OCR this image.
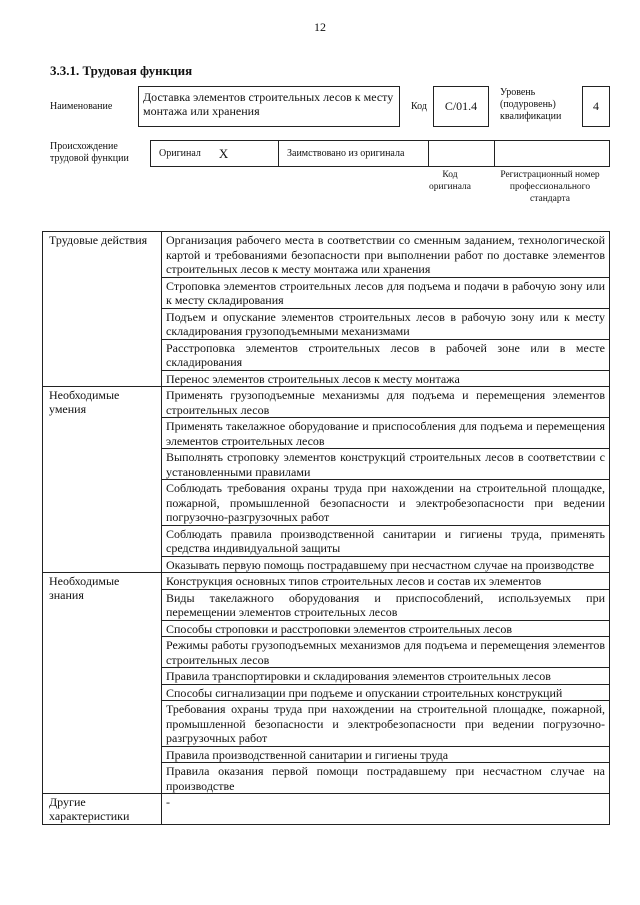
12
3.3.1. Трудовая функция
Наименование
Доставка элементов строительных лесов к месту монтажа или хранения	Код	С/01.4
Уровень (подуровень) квалификации
4
Происхождение трудовой функции	Оригинал Х	Заимствовано из оригинала
Код оригинала
Регистрационный номер профессионального стандарта
Трудовые действия	Организация рабочего места в соответствии со сменным заданием, технологической картой и требованиями безопасности при выполнении работ по доставке элементов строительных лесов к месту монтажа или хранения
	Строповка элементов строительных лесов для подъема и подачи в рабочую зону или к месту складирования
	Подъем и опускание элементов строительных лесов в рабочую зону или к месту складирования грузоподъемными механизмами
	Расстроповка элементов строительных лесов в рабочей зоне или в месте складирования
	Перенос элементов строительных лесов к месту монтажа
Необходимые умения	Применять грузоподъемные механизмы для подъема и перемещения элементов строительных лесов
	Применять такелажное оборудование и приспособления для подъема и перемещения элементов строительных лесов
	Выполнять строповку элементов конструкций строительных лесов в соответствии с установленными правилами
	Соблюдать требования охраны труда при нахождении на строительной площадке, пожарной, промышленной безопасности и электробезопасности при ведении погрузочно-разгрузочных работ
	Соблюдать правила производственной санитарии и гигиены труда, применять средства индивидуальной защиты
	Оказывать первую помощь пострадавшему при несчастном случае на производстве
Необходимые знания	Конструкция основных типов строительных лесов и состав их элементов
	Виды такелажного оборудования и приспособлений, используемых при перемещении элементов строительных лесов
	Способы строповки и расстроповки элементов строительных лесов
	Режимы работы грузоподъемных механизмов для подъема и перемещения элементов строительных лесов
	Правила транспортировки и складирования элементов строительных лесов
	Способы сигнализации при подъеме и опускании строительных конструкций
	Требования охраны труда при нахождении на строительной площадке, пожарной, промышленной безопасности и электробезопасности при ведении погрузочно-разгрузочных работ
	Правила производственной санитарии и гигиены труда
	Правила оказания первой помощи пострадавшему при несчастном случае на производстве
Другие характеристики	-
